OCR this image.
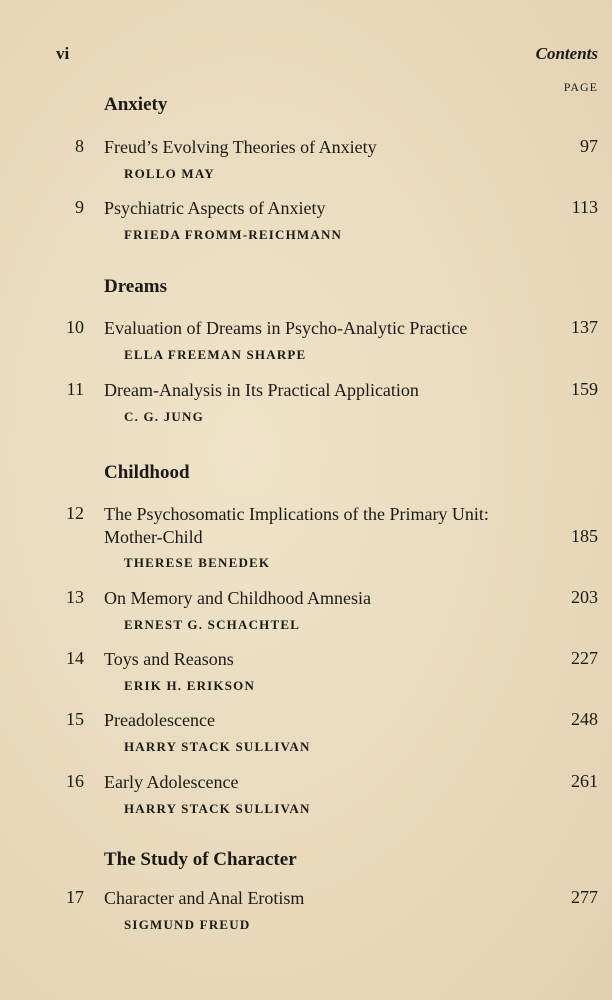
vi	Contents
PAGE
Anxiety
8 Freud’s Evolving Theories of Anxiety	97
ROLLO MAY
9 Psychiatric Aspects of Anxiety	113
FRIEDA FROMM-REICHMANN
Dreams
10 Evaluation of Dreams in Psycho-Analytic Practice	137
ELLA FREEMAN SHARPE
11 Dream-Analysis in Its Practical Application	159
C. G. JUNG
Childhood
12 The Psychosomatic Implications of the Primary Unit: Mother-Child	185
THERESE BENEDEK
13 On Memory and Childhood Amnesia	203
ERNEST G. SCHACHTEL
14 Toys and Reasons	227
ERIK H. ERIKSON
15 Preadolescence	248
HARRY STACK SULLIVAN
16 Early Adolescence	261
HARRY STACK SULLIVAN
The Study of Character
17 Character and Anal Erotism	277
SIGMUND FREUD
